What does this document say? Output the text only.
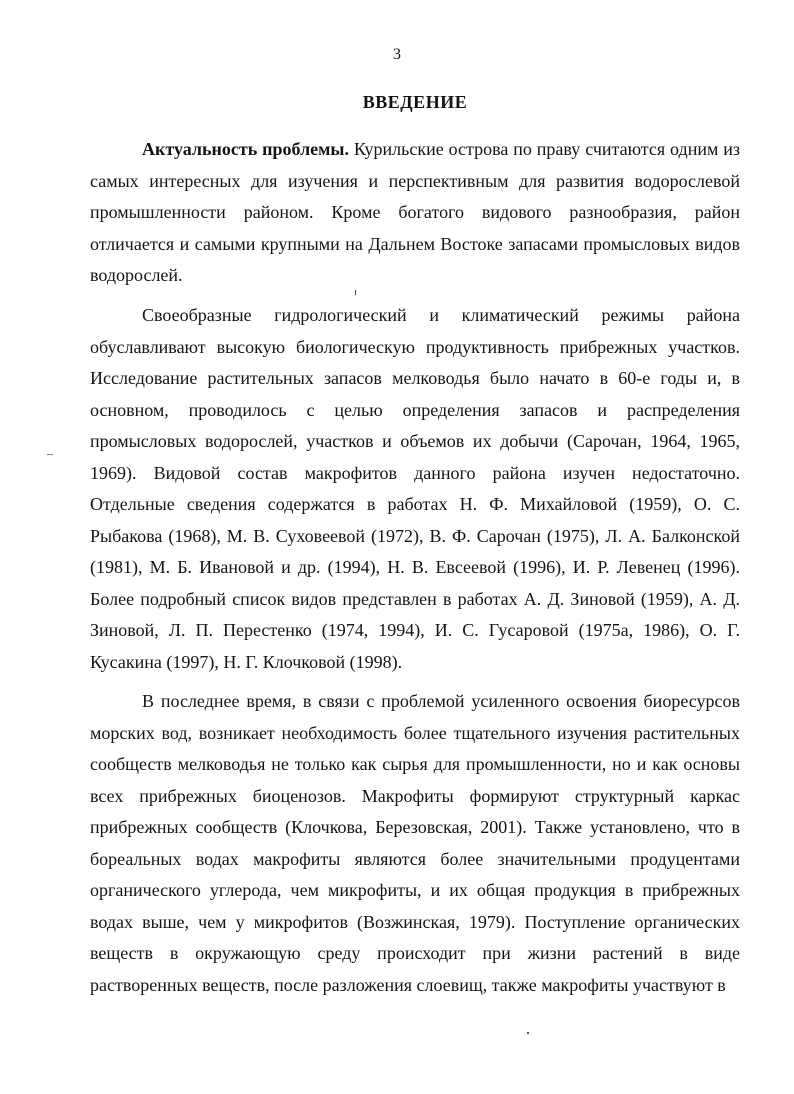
3
ВВЕДЕНИЕ

Актуальность проблемы. Курильские острова по праву считаются одним из самых интересных для изучения и перспективным для развития водорослевой промышленности районом. Кроме богатого видового разнообразия, район отличается и самыми крупными на Дальнем Востоке запасами промысловых видов водорослей.

Своеобразные гидрологический и климатический режимы района обуславливают высокую биологическую продуктивность прибрежных участков. Исследование растительных запасов мелководья было начато в 60-е годы и, в основном, проводилось с целью определения запасов и распределения промысловых водорослей, участков и объемов их добычи (Сарочан, 1964, 1965, 1969). Видовой состав макрофитов данного района изучен недостаточно. Отдельные сведения содержатся в работах Н. Ф. Михайловой (1959), О. С. Рыбакова (1968), М. В. Суховеевой (1972), В. Ф. Сарочан (1975), Л. А. Балконской (1981), М. Б. Ивановой и др. (1994), Н. В. Евсеевой (1996), И. Р. Левенец (1996). Более подробный список видов представлен в работах А. Д. Зиновой (1959), А. Д. Зиновой, Л. П. Перестенко (1974, 1994), И. С. Гусаровой (1975а, 1986), О. Г. Кусакина (1997), Н. Г. Клочковой (1998).

В последнее время, в связи с проблемой усиленного освоения биоресурсов морских вод, возникает необходимость более тщательного изучения растительных сообществ мелководья не только как сырья для промышленности, но и как основы всех прибрежных биоценозов. Макрофиты формируют структурный каркас прибрежных сообществ (Клочкова, Березовская, 2001). Также установлено, что в бореальных водах макрофиты являются более значительными продуцентами органического углерода, чем микрофиты, и их общая продукция в прибрежных водах выше, чем у микрофитов (Возжинская, 1979). Поступление органических веществ в окружающую среду происходит при жизни растений в виде растворенных веществ, после разложения слоевищ, также макрофиты участвуют в
